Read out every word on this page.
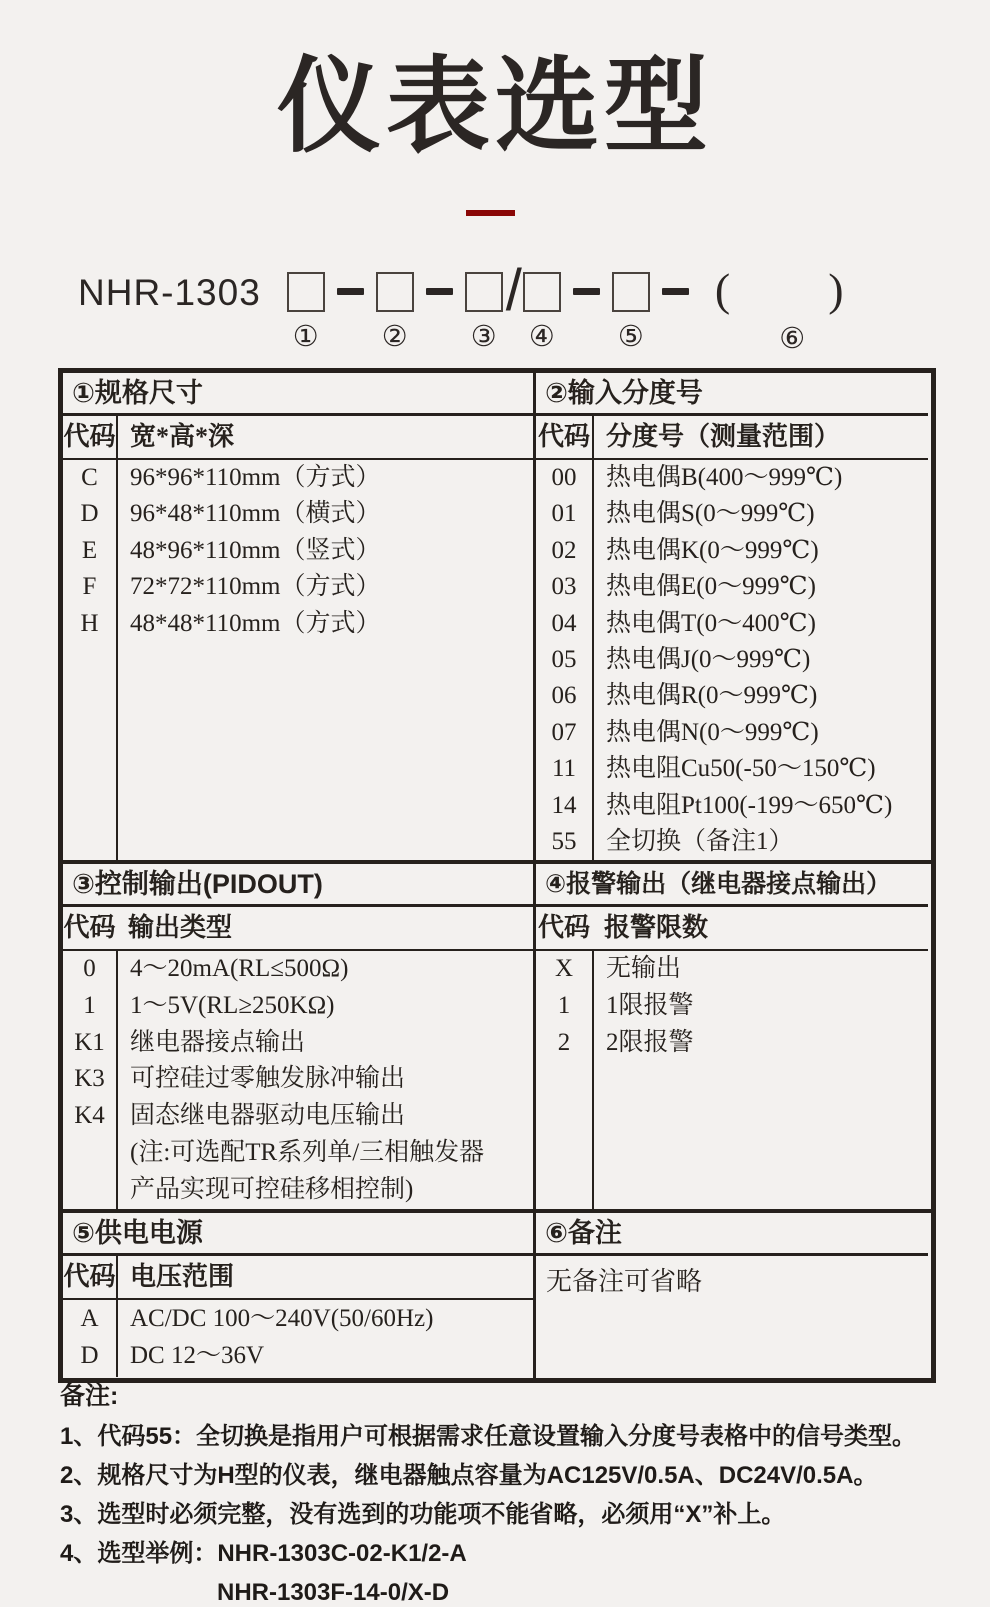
仪表选型
NHR-1303
① ② ③
/
④ ⑤
(　)
⑥
①规格尺寸
代码 宽*高*深
C
D
E
F
H
96*96*110mm（方式）
96*48*110mm（横式）
48*96*110mm（竖式）
72*72*110mm（方式）
48*48*110mm（方式）
②输入分度号
代码 分度号（测量范围）
00
01
02
03
04
05
06
07
11
14
55
热电偶B(400～999℃)
热电偶S(0～999℃)
热电偶K(0～999℃)
热电偶E(0～999℃)
热电偶T(0～400℃)
热电偶J(0～999℃)
热电偶R(0～999℃)
热电偶N(0～999℃)
热电阻Cu50(-50～150℃)
热电阻Pt100(-199～650℃)
全切换（备注1）
③控制输出(PIDOUT)
代码 输出类型
0
1
K1
K3
K4
4～20mA(RL≤500Ω)
1～5V(RL≥250KΩ)
继电器接点输出
可控硅过零触发脉冲输出
固态继电器驱动电压输出
(注:可选配TR系列单/三相触发器
产品实现可控硅移相控制)
④报警输出（继电器接点输出）
代码 报警限数
X
1
2
无输出
1限报警
2限报警
⑤供电电源
代码 电压范围
A
D
AC/DC 100～240V(50/60Hz)
DC 12～36V
⑥备注
无备注可省略
备注:
1、代码55：全切换是指用户可根据需求任意设置输入分度号表格中的信号类型。
2、规格尺寸为H型的仪表，继电器触点容量为AC125V/0.5A、DC24V/0.5A。
3、选型时必须完整，没有选到的功能项不能省略，必须用“X”补上。
4、选型举例：NHR-1303C-02-K1/2-A
NHR-1303F-14-0/X-D
